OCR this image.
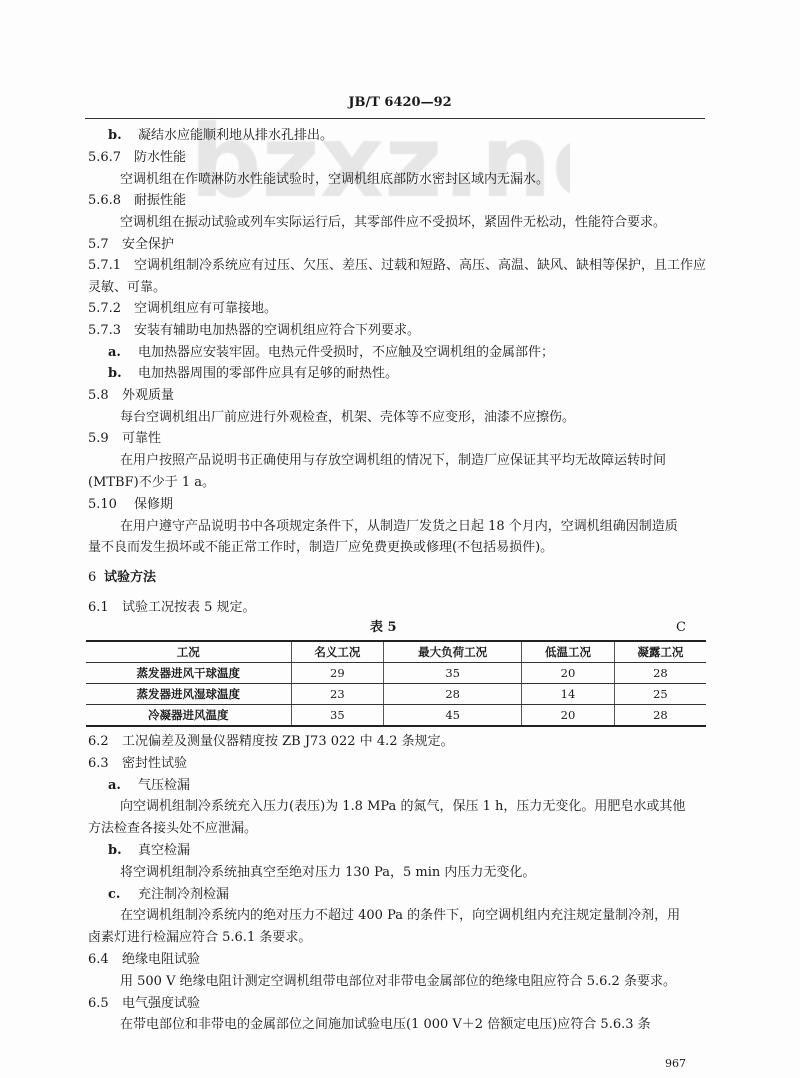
JB/T 6420—92
b. 凝结水应能顺利地从排水孔排出。
5.6.7 防水性能
空调机组在作喷淋防水性能试验时，空调机组底部防水密封区域内无漏水。
5.6.8 耐振性能
空调机组在振动试验或列车实际运行后，其零部件应不受损坏，紧固件无松动，性能符合要求。
5.7 安全保护
5.7.1 空调机组制冷系统应有过压、欠压、差压、过载和短路、高压、高温、缺风、缺相等保护，且工作应
灵敏、可靠。
5.7.2 空调机组应有可靠接地。
5.7.3 安装有辅助电加热器的空调机组应符合下列要求。
a. 电加热器应安装牢固。电热元件受损时，不应触及空调机组的金属部件；
b. 电加热器周围的零部件应具有足够的耐热性。
5.8 外观质量
每台空调机组出厂前应进行外观检查，机架、壳体等不应变形，油漆不应擦伤。
5.9 可靠性
在用户按照产品说明书正确使用与存放空调机组的情况下，制造厂应保证其平均无故障运转时间
(MTBF)不少于 1 a。
5.10 保修期
在用户遵守产品说明书中各项规定条件下，从制造厂发货之日起 18 个月内，空调机组确因制造质
量不良而发生损坏或不能正常工作时，制造厂应免费更换或修理(不包括易损件)。
6 试验方法
6.1 试验工况按表 5 规定。
表 5	C
工况	名义工况	最大负荷工况	低温工况	凝露工况
蒸发器进风干球温度	29	35	20	28
蒸发器进风湿球温度	23	28	14	25
冷凝器进风温度	35	45	20	28
6.2 工况偏差及测量仪器精度按 ZB J73 022 中 4.2 条规定。
6.3 密封性试验
a. 气压检漏
向空调机组制冷系统充入压力(表压)为 1.8 MPa 的氮气，保压 1 h，压力无变化。用肥皂水或其他
方法检查各接头处不应泄漏。
b. 真空检漏
将空调机组制冷系统抽真空至绝对压力 130 Pa，5 min 内压力无变化。
c. 充注制冷剂检漏
在空调机组制冷系统内的绝对压力不超过 400 Pa 的条件下，向空调机组内充注规定量制冷剂，用
卤素灯进行检漏应符合 5.6.1 条要求。
6.4 绝缘电阻试验
用 500 V 绝缘电阻计测定空调机组带电部位对非带电金属部位的绝缘电阻应符合 5.6.2 条要求。
6.5 电气强度试验
在带电部位和非带电的金属部位之间施加试验电压(1 000 V＋2 倍额定电压)应符合 5.6.3 条
967
